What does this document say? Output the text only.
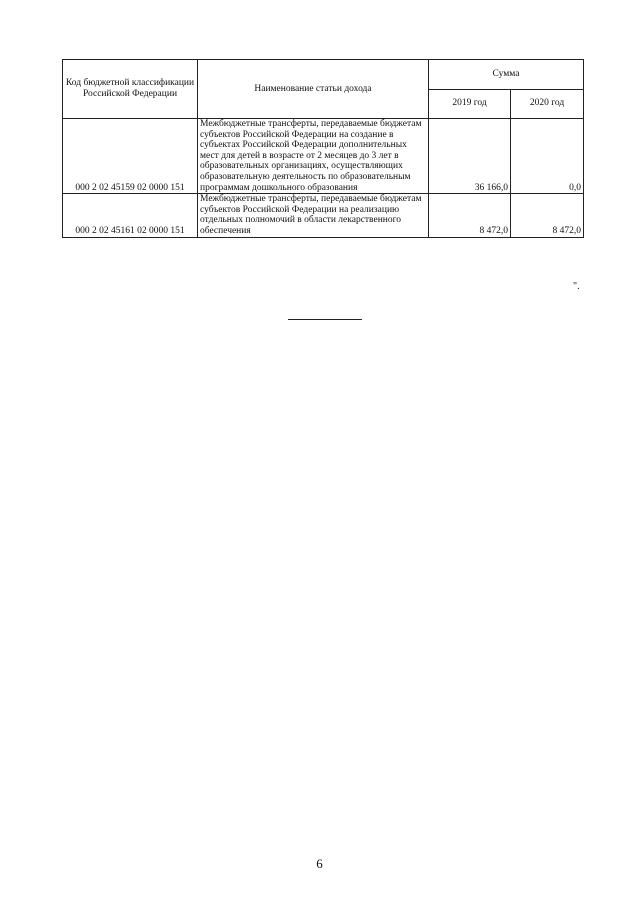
Код бюджетной классификации Российской Федерации	Наименование статьи дохода	Сумма	
		2019 год	2020 год
000 2 02 45159 02 0000 151	Межбюджетные трансферты, передаваемые бюджетам субъектов Российской Федерации на создание в субъектах Российской Федерации дополнительных мест для детей в возрасте от 2 месяцев до 3 лет в образовательных организациях, осуществляющих образовательную деятельность по образовательным программам дошкольного образования	36 166,0	0,0
000 2 02 45161 02 0000 151	Межбюджетные трансферты, передаваемые бюджетам субъектов Российской Федерации на реализацию отдельных полномочий в области лекарственного обеспечения	8 472,0	8 472,0
".
6
